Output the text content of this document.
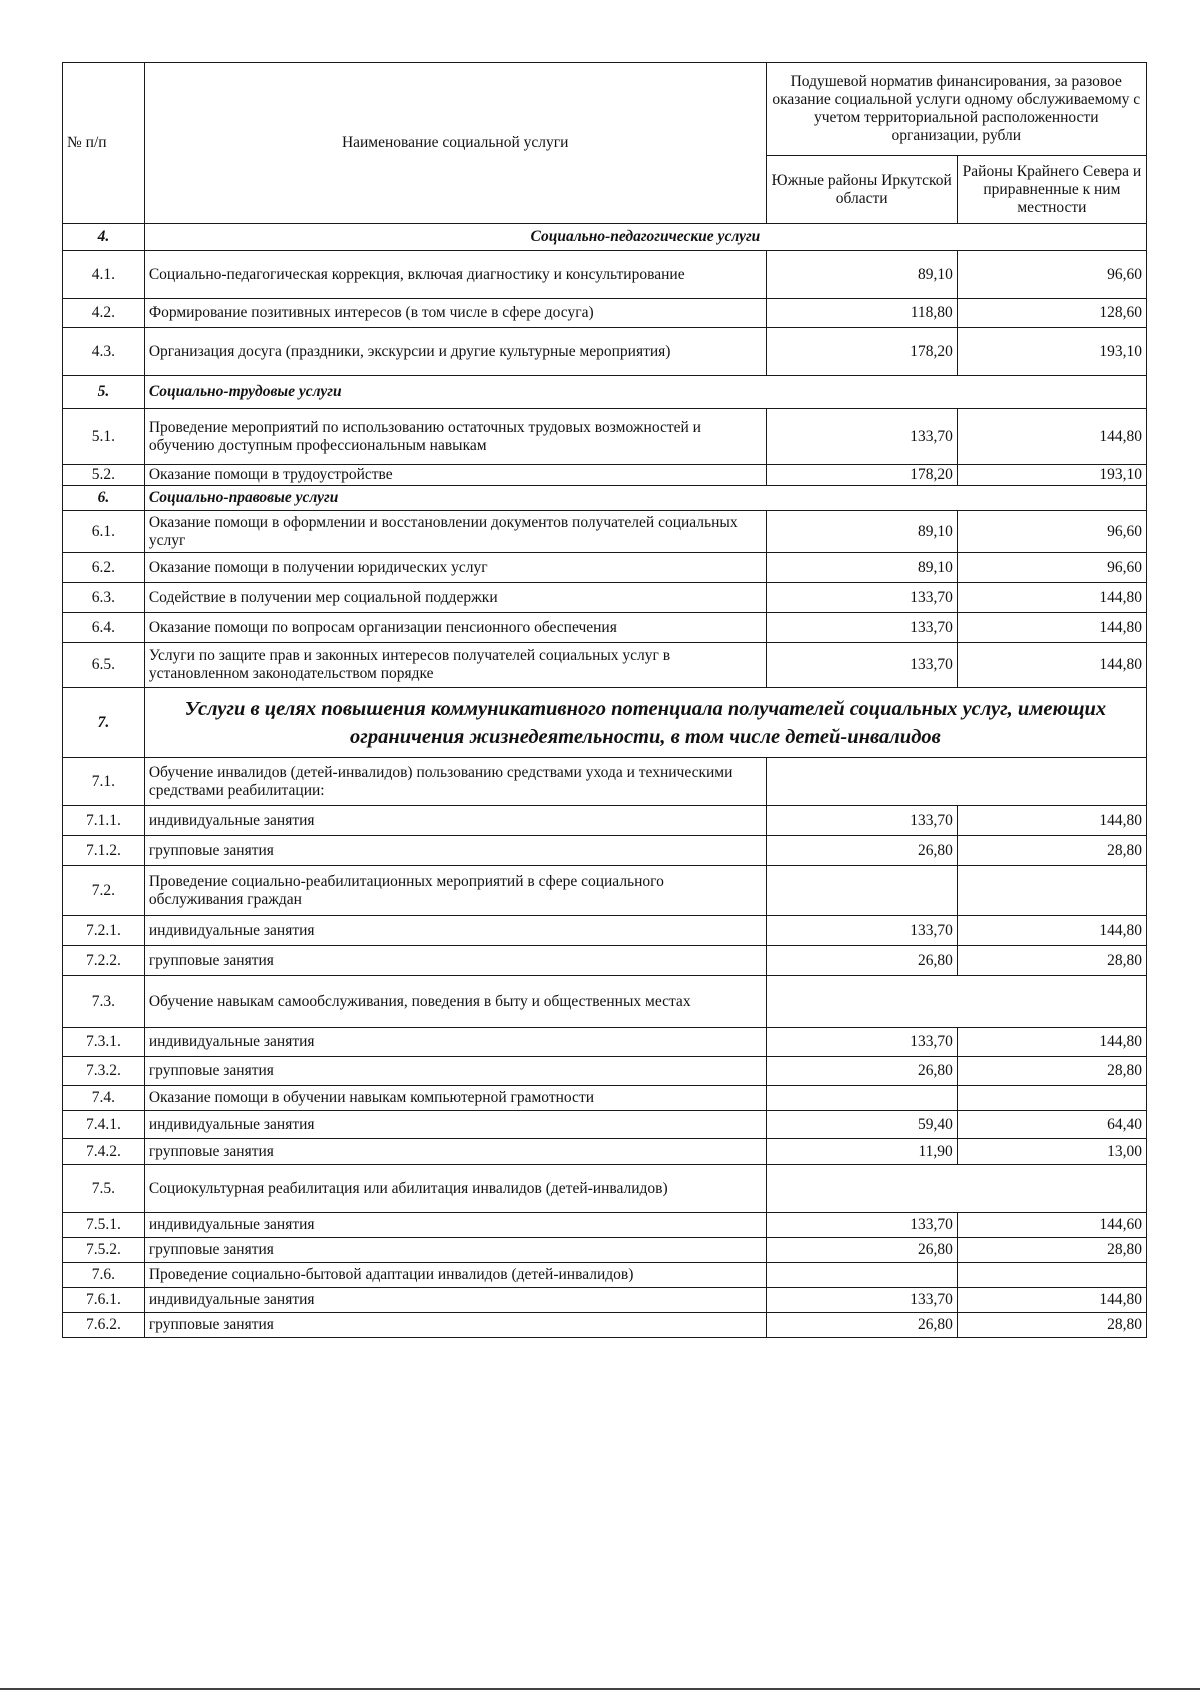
№ п/п	Наименование социальной услуги	Подушевой норматив финансирования, за разовое оказание социальной услуги одному обслуживаемому с учетом территориальной расположенности организации, рубли	
		Южные районы Иркутской области	Районы Крайнего Севера и приравненные к ним местности
4.	Социально-педагогические услуги		
4.1.	Социально-педагогическая коррекция, включая диагностику и консультирование	89,10	96,60
4.2.	Формирование позитивных интересов (в том числе в сфере досуга)	118,80	128,60
4.3.	Организация досуга (праздники, экскурсии и другие культурные мероприятия)	178,20	193,10
5.	Социально-трудовые услуги		
5.1.	Проведение мероприятий по использованию остаточных трудовых возможностей и обучению доступным профессиональным навыкам	133,70	144,80
5.2.	Оказание помощи в трудоустройстве	178,20	193,10
6.	Социально-правовые услуги		
6.1.	Оказание помощи в оформлении и восстановлении документов получателей социальных услуг	89,10	96,60
6.2.	Оказание помощи в получении юридических услуг	89,10	96,60
6.3.	Содействие в получении мер социальной поддержки	133,70	144,80
6.4.	Оказание помощи по вопросам организации пенсионного обеспечения	133,70	144,80
6.5.	Услуги по защите прав и законных интересов получателей социальных услуг в установленном законодательством порядке	133,70	144,80
7.	Услуги в целях повышения коммуникативного потенциала получателей социальных услуг, имеющих ограничения жизнедеятельности, в том числе детей-инвалидов		
7.1.	Обучение инвалидов (детей-инвалидов) пользованию средствами ухода и техническими средствами реабилитации:		
7.1.1.	индивидуальные занятия	133,70	144,80
7.1.2.	групповые занятия	26,80	28,80
7.2.	Проведение социально-реабилитационных мероприятий в сфере социального обслуживания граждан		
7.2.1.	индивидуальные занятия	133,70	144,80
7.2.2.	групповые занятия	26,80	28,80
7.3.	Обучение навыкам самообслуживания, поведения в быту и общественных местах		
7.3.1.	индивидуальные занятия	133,70	144,80
7.3.2.	групповые занятия	26,80	28,80
7.4.	Оказание помощи в обучении навыкам компьютерной грамотности		
7.4.1.	индивидуальные занятия	59,40	64,40
7.4.2.	групповые занятия	11,90	13,00
7.5.	Социокультурная реабилитация или абилитация инвалидов (детей-инвалидов)		
7.5.1.	индивидуальные занятия	133,70	144,60
7.5.2.	групповые занятия	26,80	28,80
7.6.	Проведение социально-бытовой адаптации инвалидов (детей-инвалидов)		
7.6.1.	индивидуальные занятия	133,70	144,80
7.6.2.	групповые занятия	26,80	28,80
